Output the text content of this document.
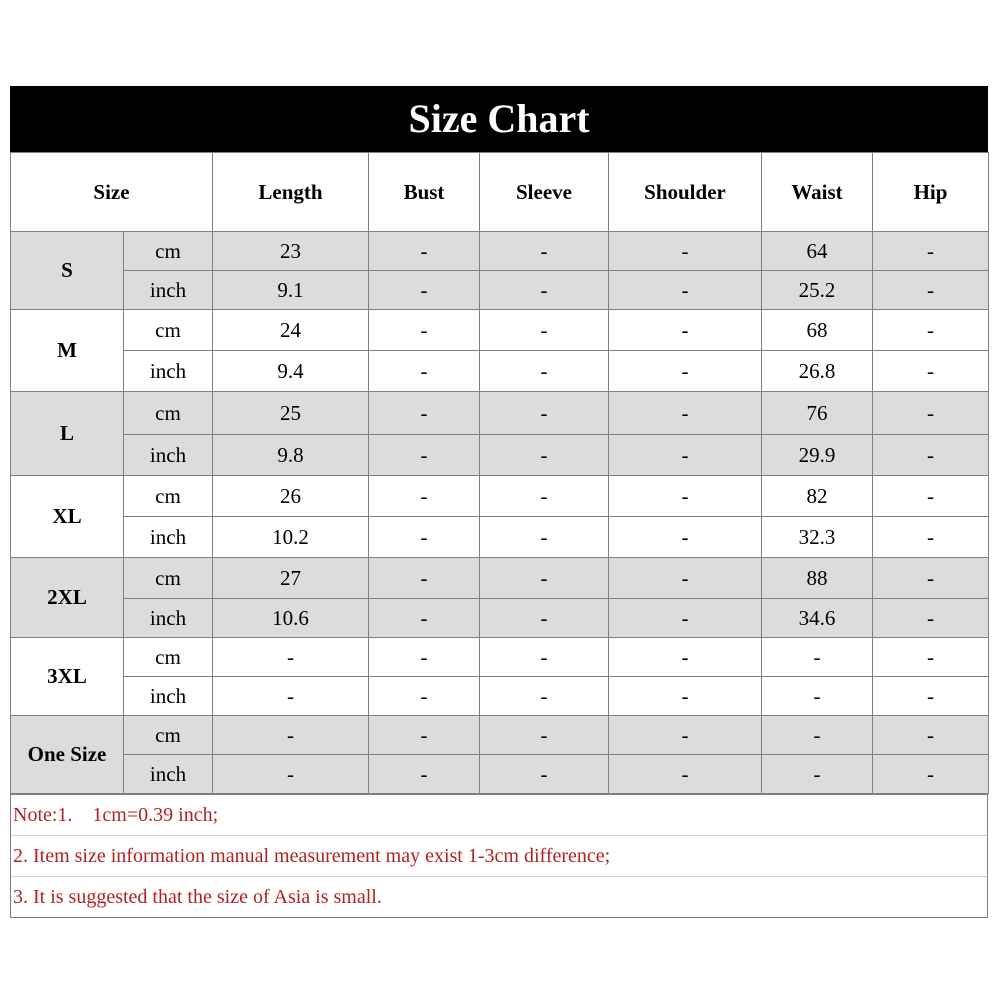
Size Chart
Size		Length	Bust	Sleeve	Shoulder	Waist	Hip
S	cm	23	-	-	-	64	-
	inch	9.1	-	-	-	25.2	-
M	cm	24	-	-	-	68	-
	inch	9.4	-	-	-	26.8	-
L	cm	25	-	-	-	76	-
	inch	9.8	-	-	-	29.9	-
XL	cm	26	-	-	-	82	-
	inch	10.2	-	-	-	32.3	-
2XL	cm	27	-	-	-	88	-
	inch	10.6	-	-	-	34.6	-
3XL	cm	-	-	-	-	-	-
	inch	-	-	-	-	-	-
One Size	cm	-	-	-	-	-	-
	inch	-	-	-	-	-	-
Note:1.    1cm=0.39 inch;
2. Item size information manual measurement may exist 1-3cm difference;
3. It is suggested that the size of Asia is small.
